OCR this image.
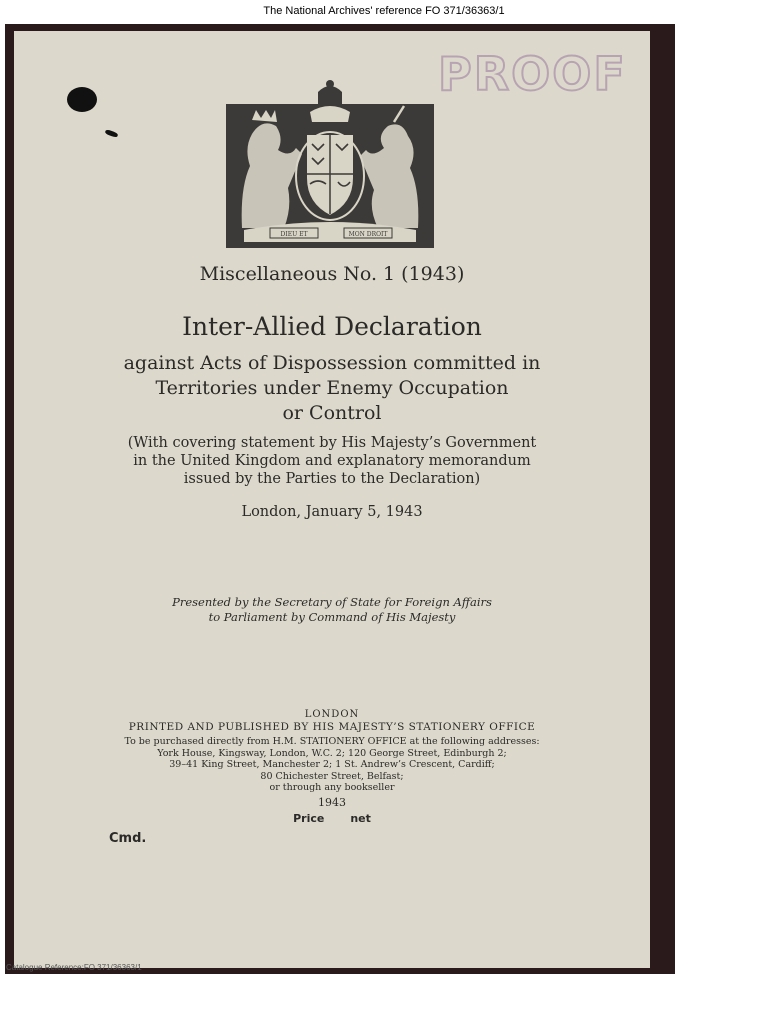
The National Archives' reference FO 371/36363/1
PROOF
DIEU ET	MON DROIT
Miscellaneous No. 1 (1943)
Inter-Allied Declaration
against Acts of Dispossession committed in
Territories under Enemy Occupation
or Control
(With covering statement by His Majesty’s Government
in the United Kingdom and explanatory memorandum
issued by the Parties to the Declaration)
London, January 5, 1943
Presented by the Secretary of State for Foreign Affairs
to Parliament by Command of His Majesty
LONDON
PRINTED AND PUBLISHED BY HIS MAJESTY’S STATIONERY OFFICE
To be purchased directly from H.M. STATIONERY OFFICE at the following addresses:
York House, Kingsway, London, W.C. 2; 120 George Street, Edinburgh 2;
39–41 King Street, Manchester 2; 1 St. Andrew’s Crescent, Cardiff;
80 Chichester Street, Belfast;
or through any bookseller
1943
Price net
Cmd.
Catalogue Reference:FO 371/36363/1
